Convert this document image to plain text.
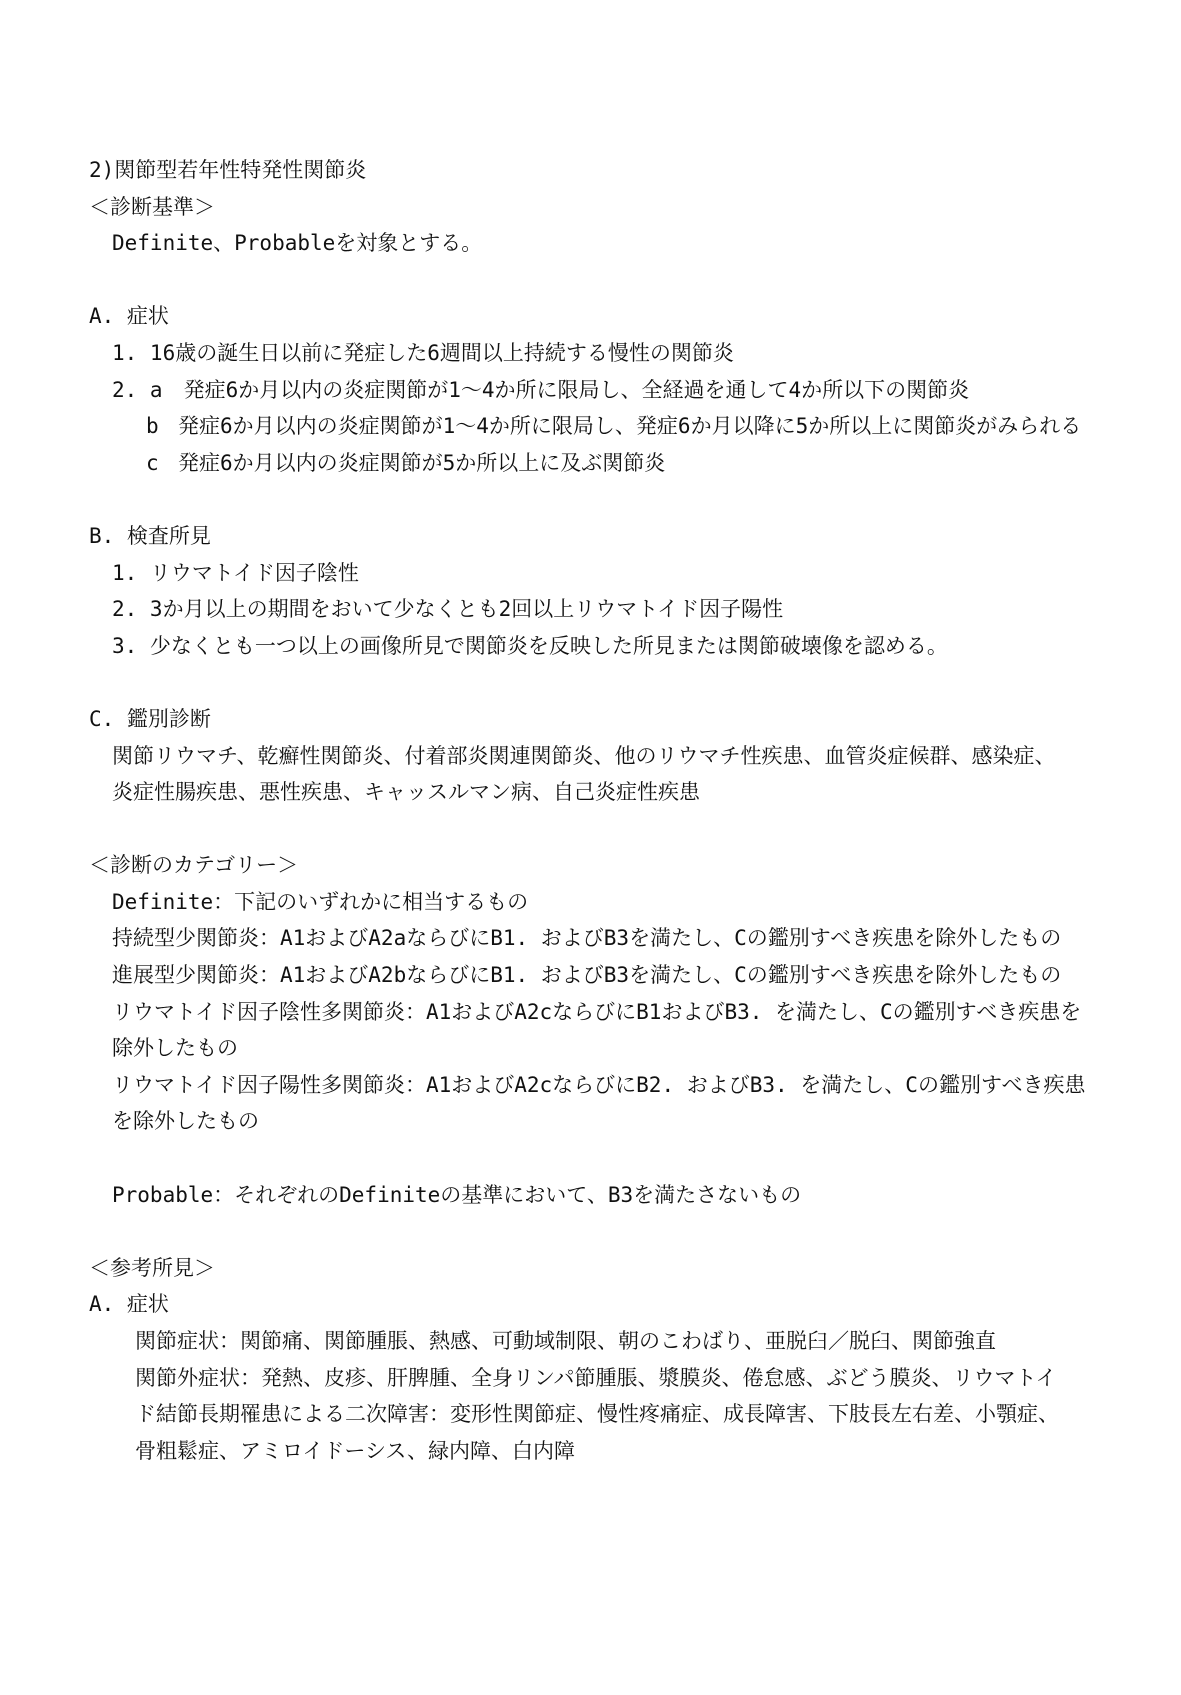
2)関節型若年性特発性関節炎
＜診断基準＞
Definite、Probableを対象とする。
A. 症状
1. 16歳の誕生日以前に発症した6週間以上持続する慢性の関節炎
2. a　発症6か月以内の炎症関節が1～4か所に限局し、全経過を通して4か所以下の関節炎
b 発症6か月以内の炎症関節が1～4か所に限局し、発症6か月以降に5か所以上に関節炎がみられる
c 発症6か月以内の炎症関節が5か所以上に及ぶ関節炎
B. 検査所見
1. リウマトイド因子陰性
2. 3か月以上の期間をおいて少なくとも2回以上リウマトイド因子陽性
3. 少なくとも一つ以上の画像所見で関節炎を反映した所見または関節破壊像を認める。
C. 鑑別診断
関節リウマチ、乾癬性関節炎、付着部炎関連関節炎、他のリウマチ性疾患、血管炎症候群、感染症、
炎症性腸疾患、悪性疾患、キャッスルマン病、自己炎症性疾患
＜診断のカテゴリー＞
Definite：下記のいずれかに相当するもの
持続型少関節炎：A1およびA2aならびにB1. およびB3を満たし、Cの鑑別すべき疾患を除外したもの
進展型少関節炎：A1およびA2bならびにB1. およびB3を満たし、Cの鑑別すべき疾患を除外したもの
リウマトイド因子陰性多関節炎：A1およびA2cならびにB1およびB3. を満たし、Cの鑑別すべき疾患を
除外したもの
リウマトイド因子陽性多関節炎：A1およびA2cならびにB2. およびB3. を満たし、Cの鑑別すべき疾患
を除外したもの
Probable：それぞれのDefiniteの基準において、B3を満たさないもの
＜参考所見＞
A. 症状
関節症状：関節痛、関節腫脹、熱感、可動域制限、朝のこわばり、亜脱臼／脱臼、関節強直
関節外症状：発熱、皮疹、肝脾腫、全身リンパ節腫脹、漿膜炎、倦怠感、ぶどう膜炎、リウマトイ
ド結節長期罹患による二次障害：変形性関節症、慢性疼痛症、成長障害、下肢長左右差、小顎症、
骨粗鬆症、アミロイドーシス、緑内障、白内障
